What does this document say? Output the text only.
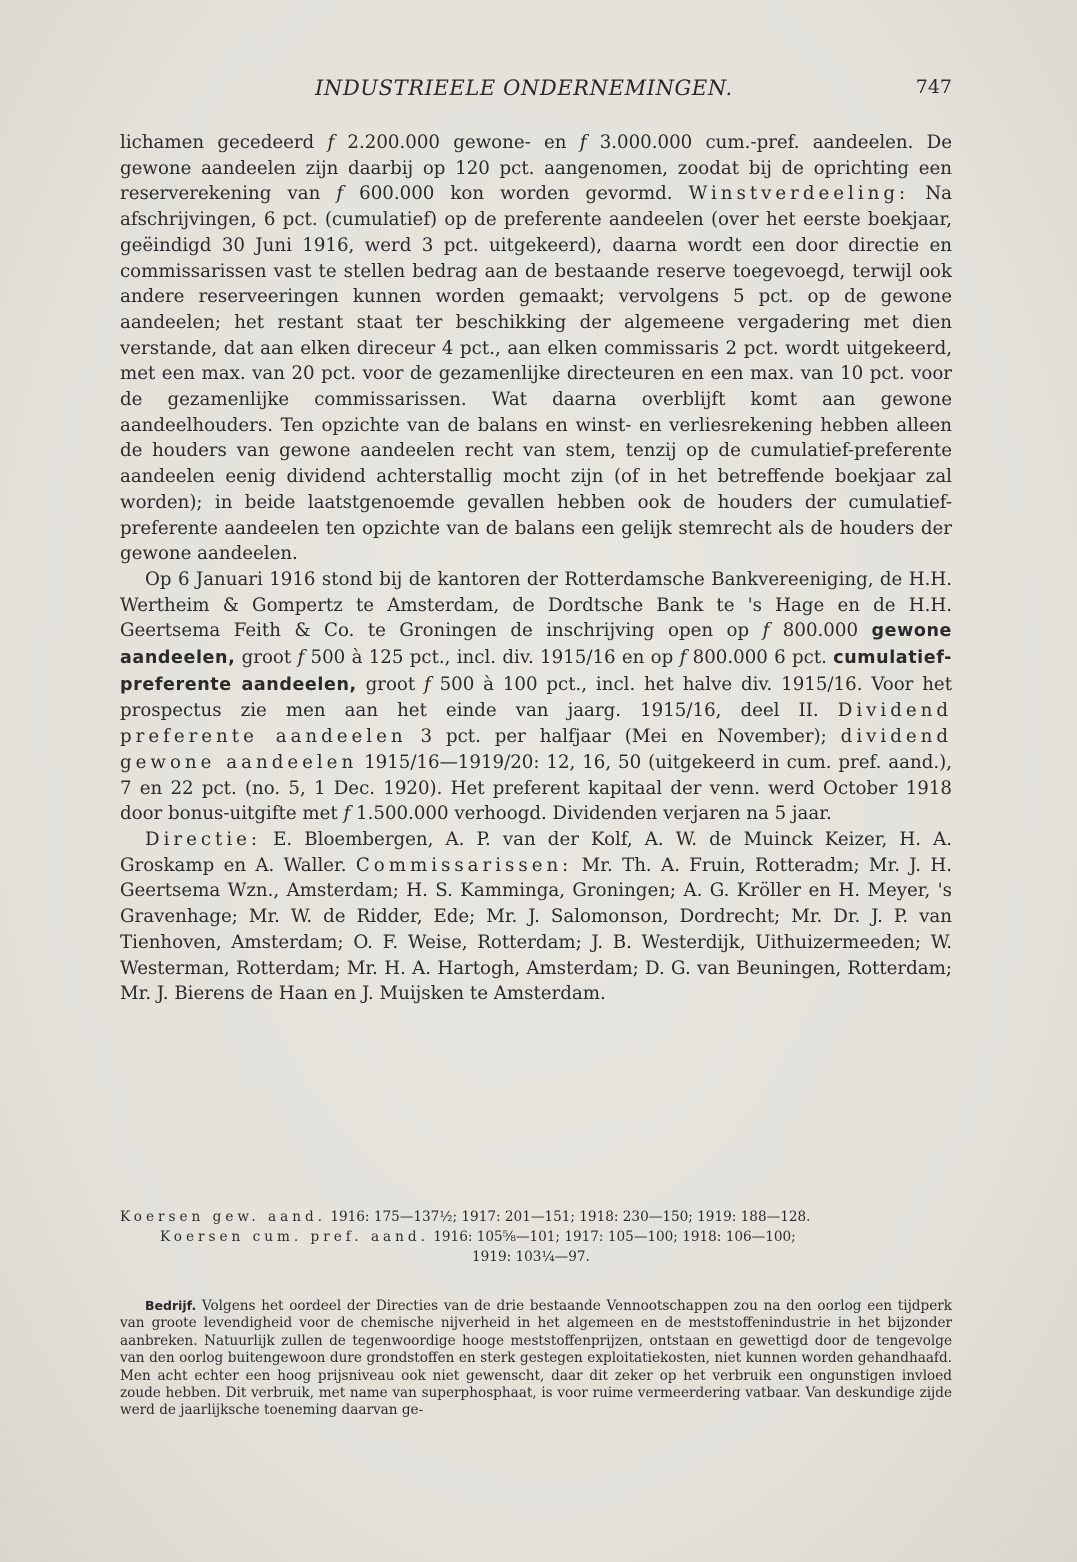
INDUSTRIEELE ONDERNEMINGEN.	747

lichamen gecedeerd f 2.200.000 gewone- en f 3.000.000 cum.-pref. aandeelen. De gewone aandeelen zijn daarbij op 120 pct. aangenomen, zoodat bij de oprichting een reserverekening van f 600.000 kon worden gevormd. Winstverdeeling: Na afschrijvingen, 6 pct. (cumulatief) op de preferente aandeelen (over het eerste boekjaar, geëindigd 30 Juni 1916, werd 3 pct. uitgekeerd), daarna wordt een door directie en commissarissen vast te stellen bedrag aan de bestaande reserve toegevoegd, terwijl ook andere reserveeringen kunnen worden gemaakt; vervolgens 5 pct. op de gewone aandeelen; het restant staat ter beschikking der algemeene vergadering met dien verstande, dat aan elken direceur 4 pct., aan elken commissaris 2 pct. wordt uitgekeerd, met een max. van 20 pct. voor de gezamenlijke directeuren en een max. van 10 pct. voor de gezamenlijke commissarissen. Wat daarna overblijft komt aan gewone aandeelhouders. Ten opzichte van de balans en winst- en verliesrekening hebben alleen de houders van gewone aandeelen recht van stem, tenzij op de cumulatief-preferente aandeelen eenig dividend achterstallig mocht zijn (of in het betreffende boekjaar zal worden); in beide laatstgenoemde gevallen hebben ook de houders der cumulatief-preferente aandeelen ten opzichte van de balans een gelijk stemrecht als de houders der gewone aandeelen.

Op 6 Januari 1916 stond bij de kantoren der Rotterdamsche Bankvereeniging, de H.H. Wertheim & Gompertz te Amsterdam, de Dordtsche Bank te 's Hage en de H.H. Geertsema Feith & Co. te Groningen de inschrijving open op f 800.000 gewone aandeelen, groot f 500 à 125 pct., incl. div. 1915/16 en op f 800.000 6 pct. cumulatief-preferente aandeelen, groot f 500 à 100 pct., incl. het halve div. 1915/16. Voor het prospectus zie men aan het einde van jaarg. 1915/16, deel II. Dividend preferente aandeelen 3 pct. per halfjaar (Mei en November); dividend gewone aandeelen 1915/16—1919/20: 12, 16, 50 (uitgekeerd in cum. pref. aand.), 7 en 22 pct. (no. 5, 1 Dec. 1920). Het preferent kapitaal der venn. werd October 1918 door bonus-uitgifte met f 1.500.000 verhoogd. Dividenden verjaren na 5 jaar.

Directie: E. Bloembergen, A. P. van der Kolf, A. W. de Muinck Keizer, H. A. Groskamp en A. Waller. Commissarissen: Mr. Th. A. Fruin, Rotteradm; Mr. J. H. Geertsema Wzn., Amsterdam; H. S. Kamminga, Groningen; A. G. Kröller en H. Meyer, 's Gravenhage; Mr. W. de Ridder, Ede; Mr. J. Salomonson, Dordrecht; Mr. Dr. J. P. van Tienhoven, Amsterdam; O. F. Weise, Rotterdam; J. B. Westerdijk, Uithuizermeeden; W. Westerman, Rotterdam; Mr. H. A. Hartogh, Amsterdam; D. G. van Beuningen, Rotterdam; Mr. J. Bierens de Haan en J. Muijsken te Amsterdam.

Koersen gew. aand. 1916: 175—137½; 1917: 201—151; 1918: 230—150; 1919: 188—128.

Koersen cum. pref. aand. 1916: 105⅝—101; 1917: 105—100; 1918: 106—100;

1919: 103¼—97.

Bedrijf. Volgens het oordeel der Directies van de drie bestaande Vennootschappen zou na den oorlog een tijdperk van groote levendigheid voor de chemische nijverheid in het algemeen en de meststoffenindustrie in het bijzonder aanbreken. Natuurlijk zullen de tegenwoordige hooge meststoffenprijzen, ontstaan en gewettigd door de tengevolge van den oorlog buitengewoon dure grondstoffen en sterk gestegen exploitatiekosten, niet kunnen worden gehandhaafd. Men acht echter een hoog prijsniveau ook niet gewenscht, daar dit zeker op het verbruik een ongunstigen invloed zoude hebben. Dit verbruik, met name van superphosphaat, is voor ruime vermeerdering vatbaar. Van deskundige zijde werd de jaarlijksche toeneming daarvan ge-
